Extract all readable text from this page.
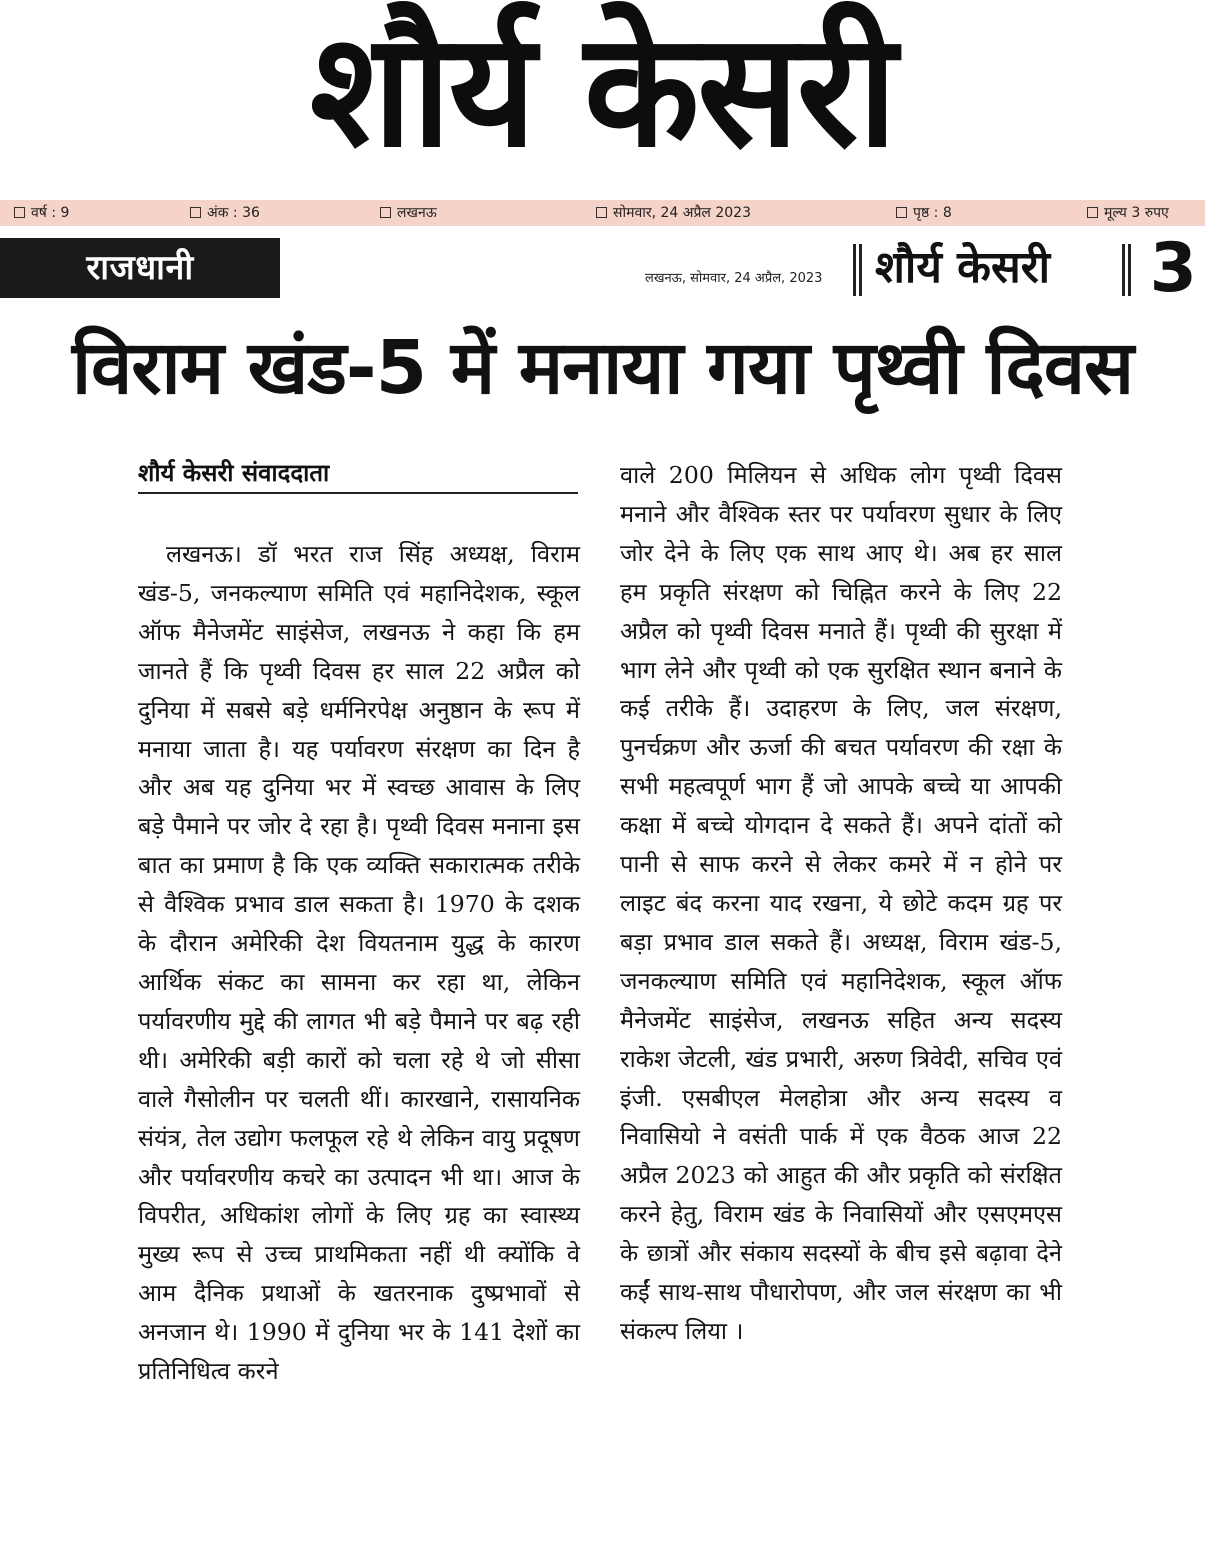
शौर्य केसरी
वर्ष : 9	अंक : 36	लखनऊ	सोमवार, 24 अप्रैल 2023	पृष्ठ : 8	मूल्य 3 रुपए
राजधानी	लखनऊ, सोमवार, 24 अप्रैल, 2023 शौर्य केसरी 3
विराम खंड-5 में मनाया गया पृथ्वी दिवस
शौर्य केसरी संवाददाता

लखनऊ। डॉ भरत राज सिंह अध्यक्ष, विराम खंड-5, जनकल्याण समिति एवं महानिदेशक, स्कूल ऑफ मैनेजमेंट साइंसेज, लखनऊ ने कहा कि हम जानते हैं कि पृथ्वी दिवस हर साल 22 अप्रैल को दुनिया में सबसे बड़े धर्मनिरपेक्ष अनुष्ठान के रूप में मनाया जाता है। यह पर्यावरण संरक्षण का दिन है और अब यह दुनिया भर में स्वच्छ आवास के लिए बड़े पैमाने पर जोर दे रहा है। पृथ्वी दिवस मनाना इस बात का प्रमाण है कि एक व्यक्ति सकारात्मक तरीके से वैश्विक प्रभाव डाल सकता है। 1970 के दशक के दौरान अमेरिकी देश वियतनाम युद्ध के कारण आर्थिक संकट का सामना कर रहा था, लेकिन पर्यावरणीय मुद्दे की लागत भी बड़े पैमाने पर बढ़ रही थी। अमेरिकी बड़ी कारों को चला रहे थे जो सीसा वाले गैसोलीन पर चलती थीं। कारखाने, रासायनिक संयंत्र, तेल उद्योग फलफूल रहे थे लेकिन वायु प्रदूषण और पर्यावरणीय कचरे का उत्पादन भी था। आज के विपरीत, अधिकांश लोगों के लिए ग्रह का स्वास्थ्य मुख्य रूप से उच्च प्राथमिकता नहीं थी क्योंकि वे आम दैनिक प्रथाओं के खतरनाक दुष्प्रभावों से अनजान थे। 1990 में दुनिया भर के 141 देशों का प्रतिनिधित्व करने

वाले 200 मिलियन से अधिक लोग पृथ्वी दिवस मनाने और वैश्विक स्तर पर पर्यावरण सुधार के लिए जोर देने के लिए एक साथ आए थे। अब हर साल हम प्रकृति संरक्षण को चिह्नित करने के लिए 22 अप्रैल को पृथ्वी दिवस मनाते हैं। पृथ्वी की सुरक्षा में भाग लेने और पृथ्वी को एक सुरक्षित स्थान बनाने के कई तरीके हैं। उदाहरण के लिए, जल संरक्षण, पुनर्चक्रण और ऊर्जा की बचत पर्यावरण की रक्षा के सभी महत्वपूर्ण भाग हैं जो आपके बच्चे या आपकी कक्षा में बच्चे योगदान दे सकते हैं। अपने दांतों को पानी से साफ करने से लेकर कमरे में न होने पर लाइट बंद करना याद रखना, ये छोटे कदम ग्रह पर बड़ा प्रभाव डाल सकते हैं। अध्यक्ष, विराम खंड-5, जनकल्याण समिति एवं महानिदेशक, स्कूल ऑफ मैनेजमेंट साइंसेज, लखनऊ सहित अन्य सदस्य राकेश जेटली, खंड प्रभारी, अरुण त्रिवेदी, सचिव एवं इंजी. एसबीएल मेलहोत्रा और अन्य सदस्य व निवासियो ने वसंती पार्क में एक वैठक आज 22 अप्रैल 2023 को आहुत की और प्रकृति को संरक्षित करने हेतु, विराम खंड के निवासियों और एसएमएस के छात्रों और संकाय सदस्यों के बीच इसे बढ़ावा देने कईं साथ-साथ पौधारोपण, और जल संरक्षण का भी संकल्प लिया ।
